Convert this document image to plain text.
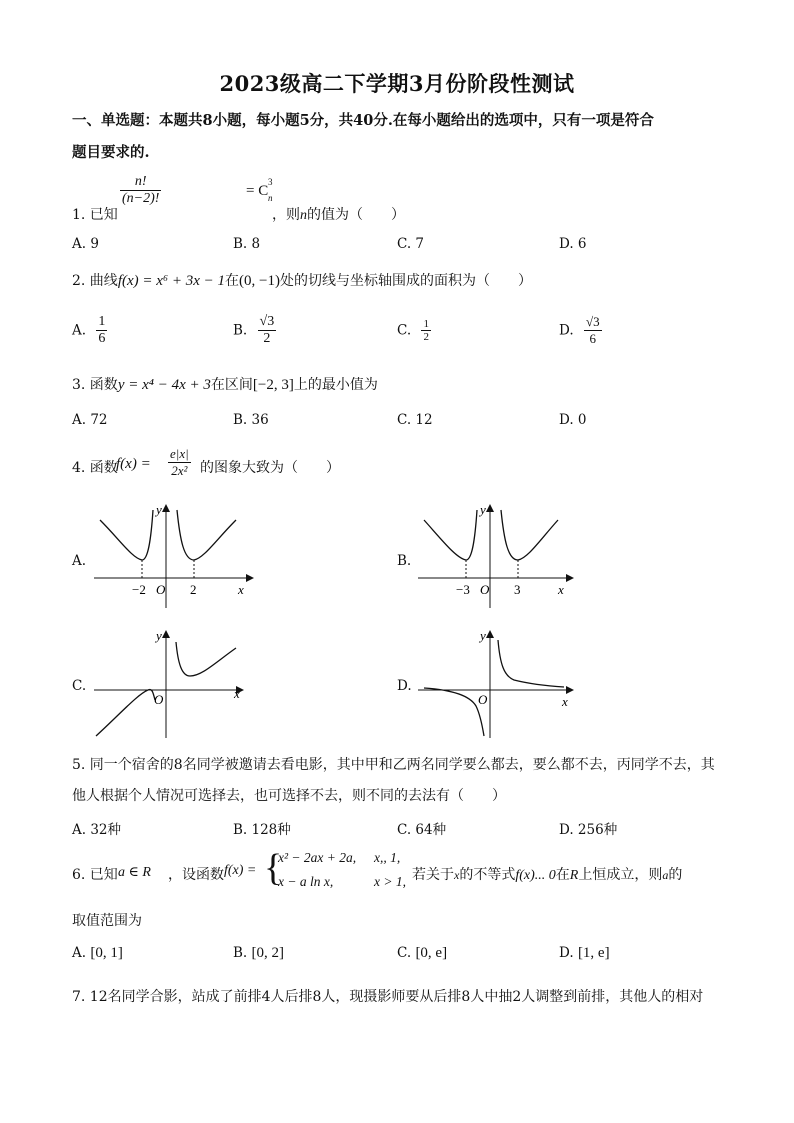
2023级高二下学期3月份阶段性测试
一、单选题：本题共8小题，每小题5分，共40分.在每小题给出的选项中，只有一项是符合
题目要求的.
1. 已知
$\frac{n!}{(n-2)!}$	= C
3
n
，则n的值为（　　）
A. 9	B. 8	C. 7	D. 6
2. 曲线f(x) = x⁶ + 3x − 1在(0, −1)处的切线与坐标轴围成的面积为（　　）
A. $\frac{1}{6}$	B. $\frac{√3}{2}$	C. $\frac{1}{2}$	D. $\frac{√3}{6}$
3. 函数y = x⁴ − 4x + 3在区间[−2, 3]上的最小值为
A. 72	B. 36	C. 12	D. 0
4. 函数
$f(x) = \frac{e|x|}{\text{2x²}}$ 的图象大致为（　　）
A.
−2 O 2	x
y
B.
−3 O 3	x
y
C.
O	x
y
D.
O	x
y
5. 同一个宿舍的8名同学被邀请去看电影，其中甲和乙两名同学要么都去，要么都不去，丙同学不去，其
他人根据个人情况可选择去，也可选择不去，则不同的去法有（　　）
A. 32种	B. 128种	C. 64种	D. 256种
6. 已知 a ∈ R ，设函数 f(x) = {
x² − 2ax + 2a, x,, 1,
x − a ln x,	x > 1, 若关于x的不等式f(x)... 0在R上恒成立，则a的
取值范围为
A. [0, 1]	B. [0, 2]	C. [0, e]	D. [1, e]
7. 12名同学合影，站成了前排4人后排8人，现摄影师要从后排8人中抽2人调整到前排，其他人的相对
